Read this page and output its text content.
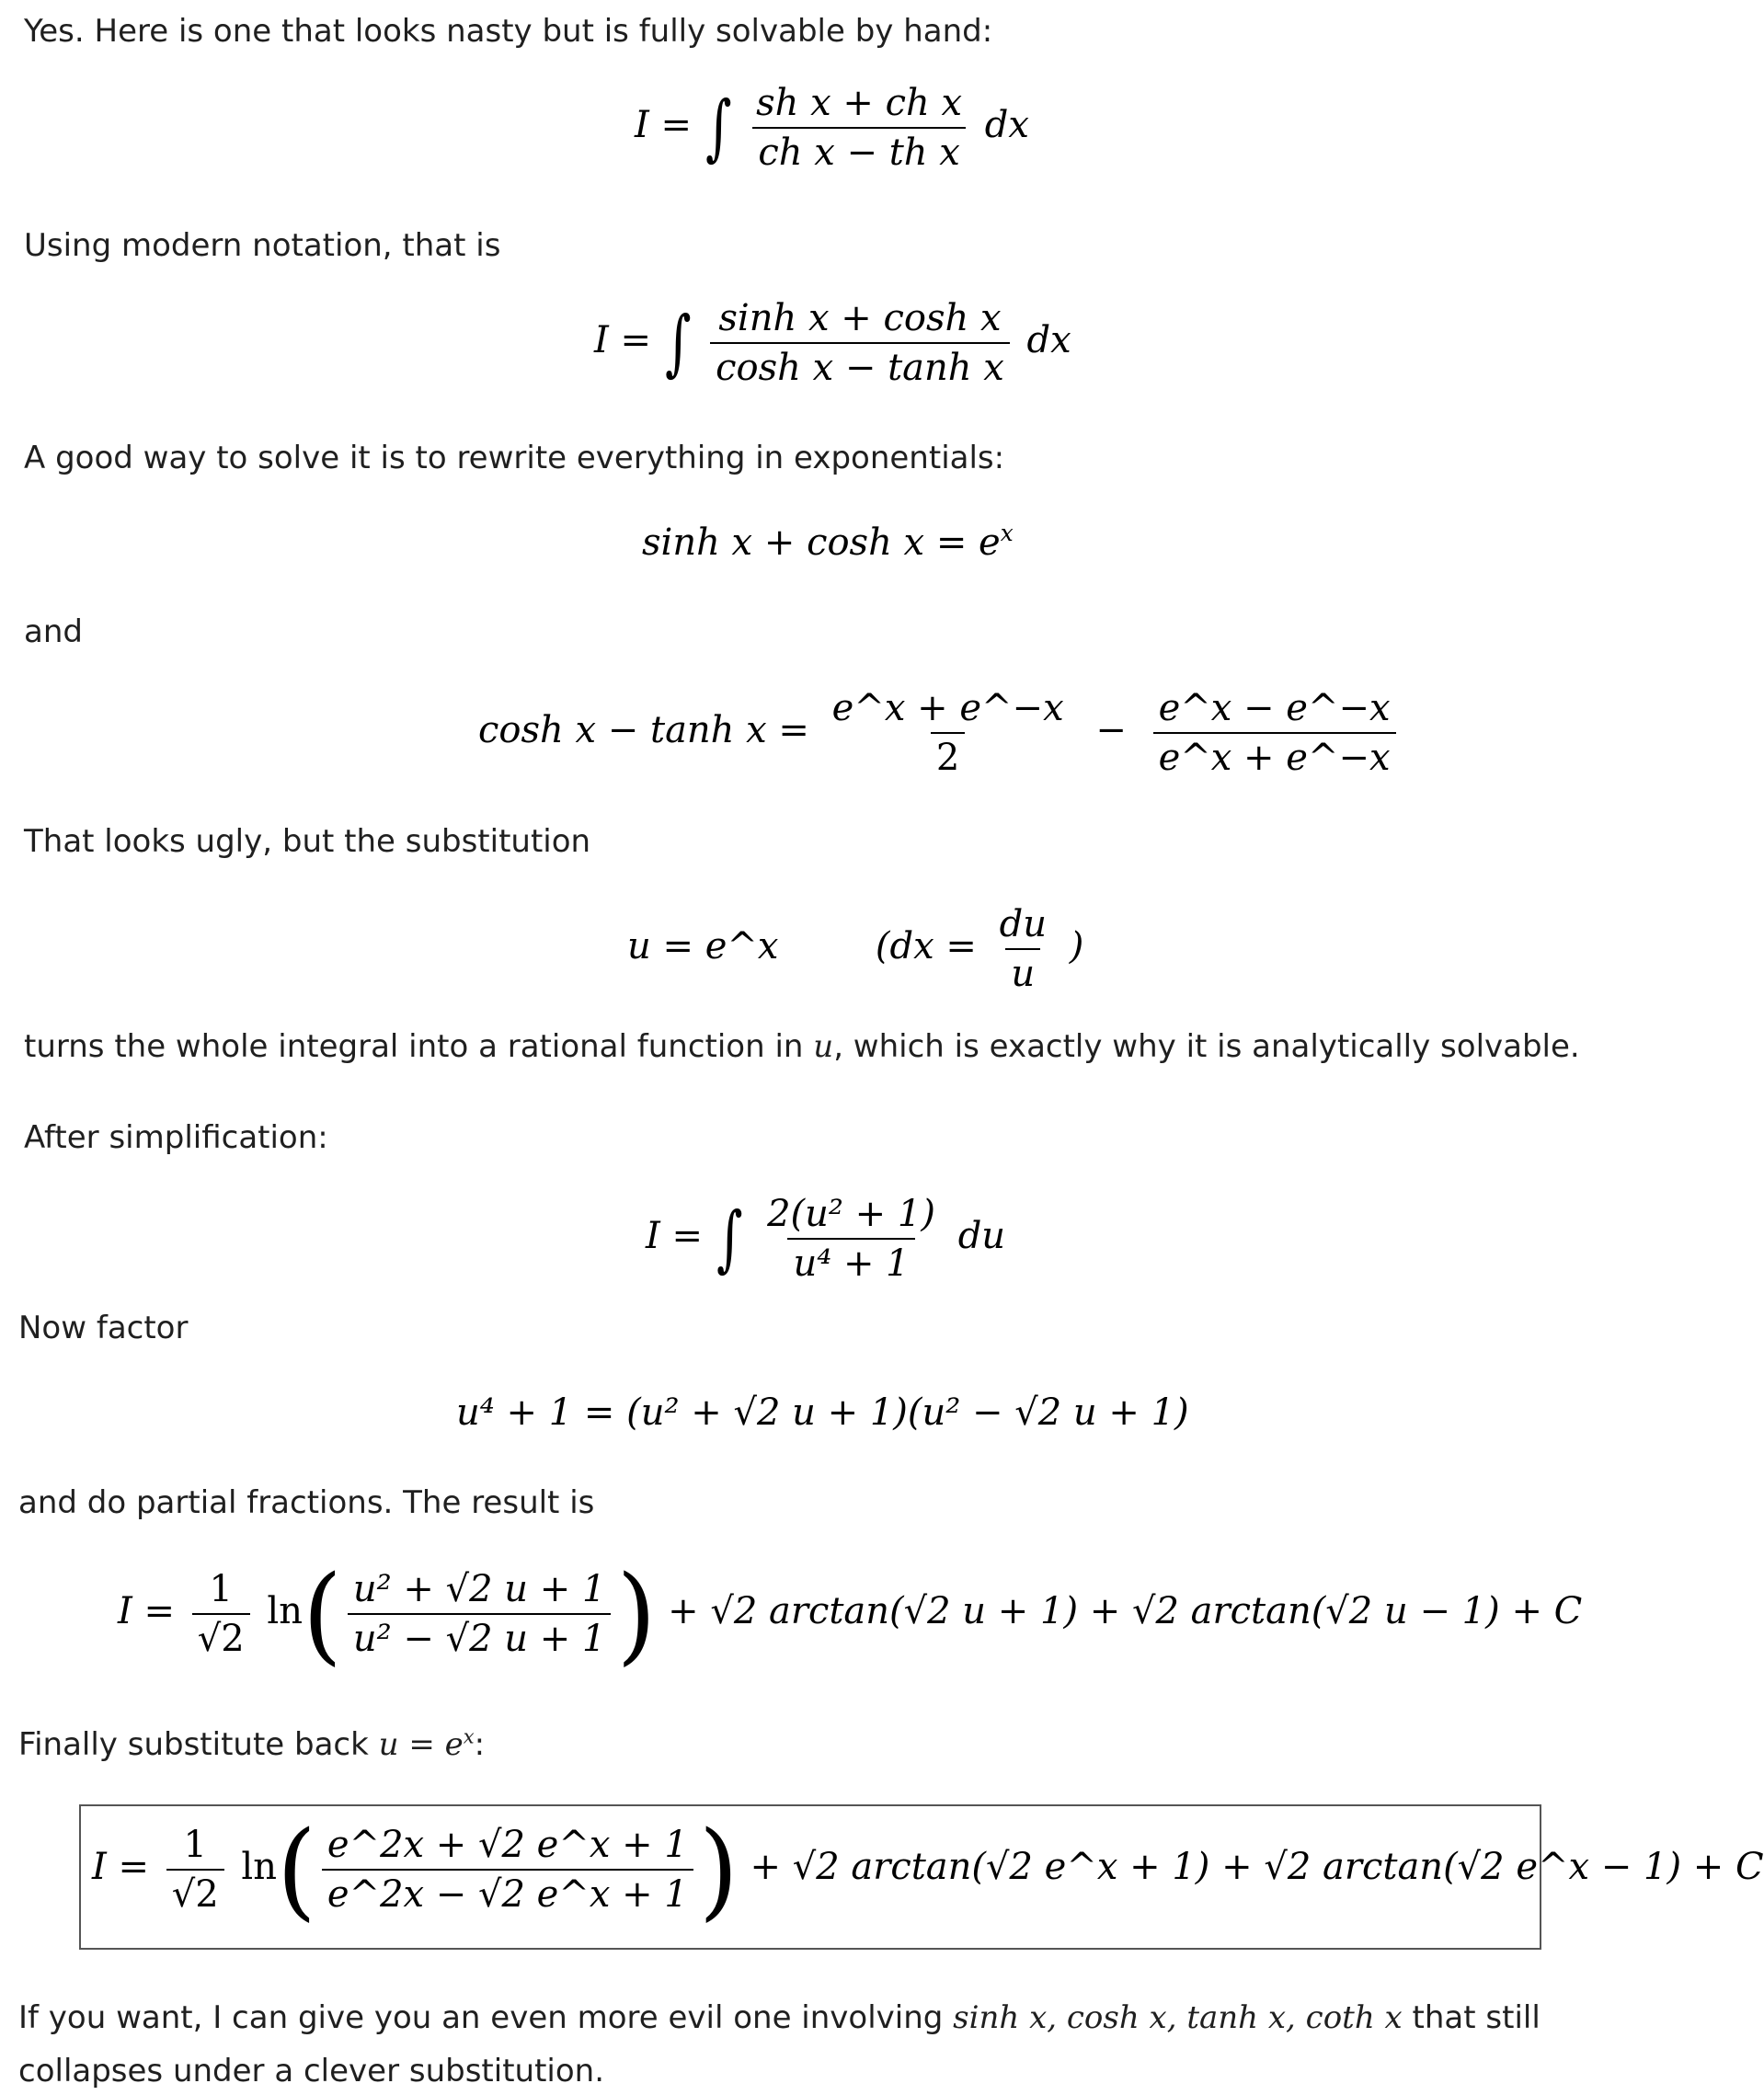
Yes. Here is one that looks nasty but is fully solvable by hand:
I = ∫ $\frac{\text{sh x + ch x}}{\text{ch x − th x}}$ dx
Using modern notation, that is
I = ∫ $\frac{\text{sinh x + cosh x}}{\text{cosh x − tanh x}}$ dx
A good way to solve it is to rewrite everything in exponentials:
$\sinh x + \cosh x = e^x$
and
$\cosh x - \tanh x = \frac{e\^{}x + e\^{}-x}{2} - \frac{e\^{}x - e\^{}-x}{e\^{}x + e\^{}-x}$
That looks ugly, but the substitution
u = e^x	($dx = \frac{du}{u}$ )
turns the whole integral into a rational function in u, which is exactly why it is analytically solvable.
After simplification:
I = ∫ $\frac{\text{2(u² + 1)}}{\text{u⁴ + 1}}$ du
Now factor
u⁴ + 1 = (u² + √2 u + 1)(u² − √2 u + 1)
and do partial fractions. The result is
$I = \frac{1}{√2} \ln( \frac{\text{u² + √2 u + 1}}{\text{u² − √2 u + 1}}$ ) + √2 arctan(√2 u + 1) + √2 arctan(√2 u − 1) + C
Finally substitute back $u = e^x$:
$I = \frac{1}{√2} \ln( \frac{e\^{}2x + √2 e\^{}x + 1}{e\^{}2x - √2 e\^{}x + 1}$ ) + √2 arctan(√2 e^x + 1) + √2 arctan(√2 e^x − 1) + C
If you want, I can give you an even more evil one involving sinh x, cosh x, tanh x, coth x that still
collapses under a clever substitution.
